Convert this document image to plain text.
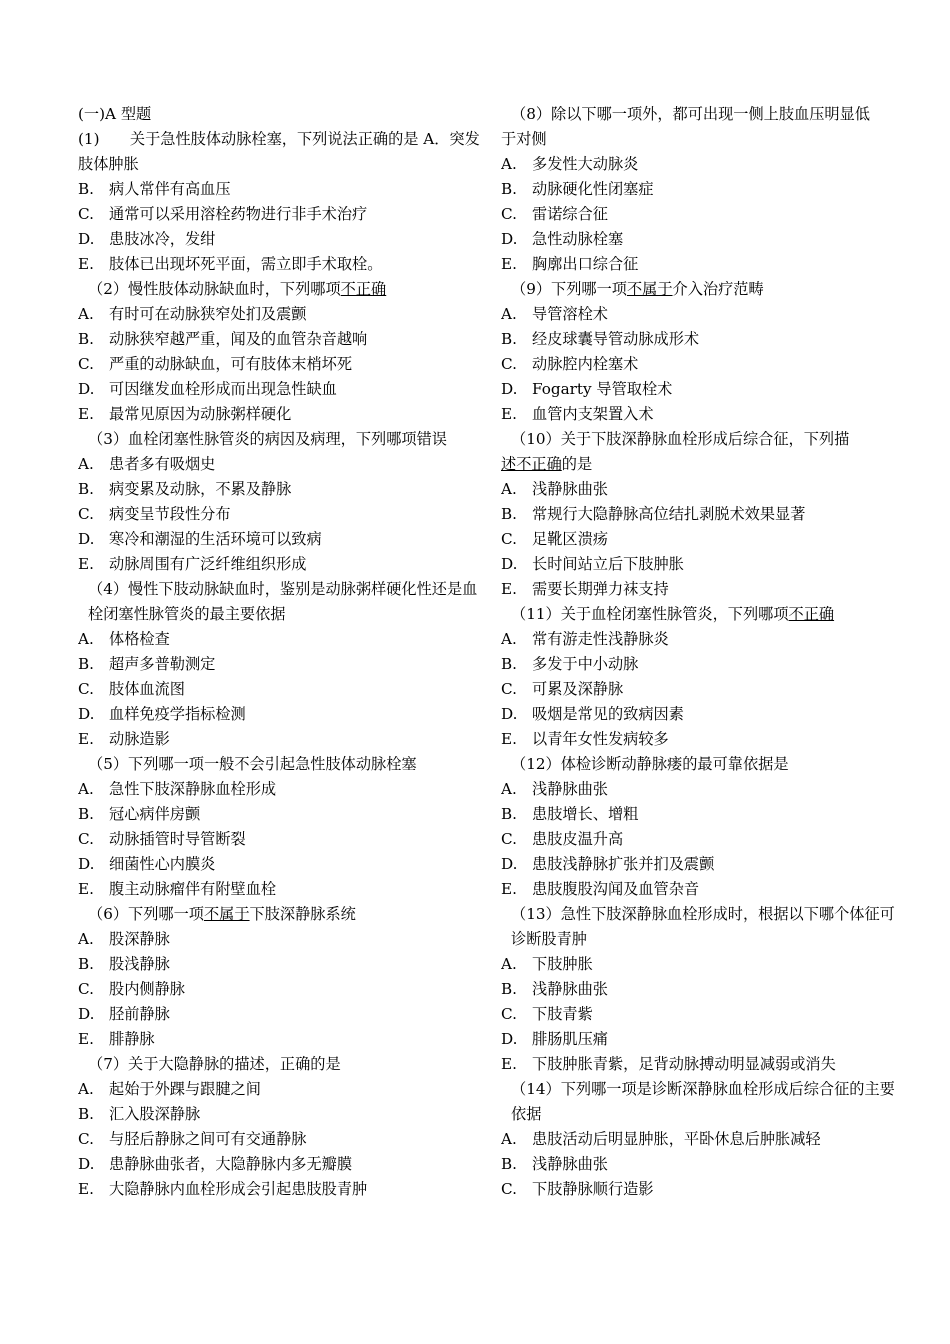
(一)A 型题
(1)　　关于急性肢体动脉栓塞，下列说法正确的是 A．突发肢体肿胀
B. 病人常伴有高血压
C. 通常可以采用溶栓药物进行非手术治疗
D. 患肢冰冷，发绀
E. 肢体已出现坏死平面，需立即手术取栓。
（2）慢性肢体动脉缺血时，下列哪项不正确
A. 有时可在动脉狭窄处扪及震颤
B. 动脉狭窄越严重，闻及的血管杂音越响
C. 严重的动脉缺血，可有肢体末梢坏死
D. 可因继发血栓形成而出现急性缺血
E. 最常见原因为动脉粥样硬化
（3）血栓闭塞性脉管炎的病因及病理，下列哪项错误
A. 患者多有吸烟史
B. 病变累及动脉，不累及静脉
C. 病变呈节段性分布
D. 寒冷和潮湿的生活环境可以致病
E. 动脉周围有广泛纤维组织形成
（4）慢性下肢动脉缺血时，鉴别是动脉粥样硬化性还是血栓闭塞性脉管炎的最主要依据
A. 体格检查
B. 超声多普勒测定
C. 肢体血流图
D. 血样免疫学指标检测
E. 动脉造影
（5）下列哪一项一般不会引起急性肢体动脉栓塞
A. 急性下肢深静脉血栓形成
B. 冠心病伴房颤
C. 动脉插管时导管断裂
D. 细菌性心内膜炎
E. 腹主动脉瘤伴有附壁血栓
（6）下列哪一项不属于下肢深静脉系统
A. 股深静脉
B. 股浅静脉
C. 股内侧静脉
D. 胫前静脉
E. 腓静脉
（7）关于大隐静脉的描述，正确的是
A. 起始于外踝与跟腱之间
B. 汇入股深静脉
C. 与胫后静脉之间可有交通静脉
D. 患静脉曲张者，大隐静脉内多无瓣膜
E. 大隐静脉内血栓形成会引起患肢股青肿
（8）除以下哪一项外，都可出现一侧上肢血压明显低
于对侧
A. 多发性大动脉炎
B. 动脉硬化性闭塞症
C. 雷诺综合征
D. 急性动脉栓塞
E. 胸廓出口综合征
（9）下列哪一项不属于介入治疗范畴
A. 导管溶栓术
B. 经皮球囊导管动脉成形术
C. 动脉腔内栓塞术
D. Fogarty 导管取栓术
E. 血管内支架置入术
（10）关于下肢深静脉血栓形成后综合征，下列描
述不正确的是
A. 浅静脉曲张
B. 常规行大隐静脉高位结扎剥脱术效果显著
C. 足靴区溃疡
D. 长时间站立后下肢肿胀
E. 需要长期弹力袜支持
（11）关于血栓闭塞性脉管炎，下列哪项不正确
A. 常有游走性浅静脉炎
B. 多发于中小动脉
C. 可累及深静脉
D. 吸烟是常见的致病因素
E. 以青年女性发病较多
（12）体检诊断动静脉瘘的最可靠依据是
A. 浅静脉曲张
B. 患肢增长、增粗
C. 患肢皮温升高
D. 患肢浅静脉扩张并扪及震颤
E. 患肢腹股沟闻及血管杂音
（13）急性下肢深静脉血栓形成时，根据以下哪个体征可诊断股青肿
A. 下肢肿胀
B. 浅静脉曲张
C. 下肢青紫
D. 腓肠肌压痛
E. 下肢肿胀青紫，足背动脉搏动明显减弱或消失
（14）下列哪一项是诊断深静脉血栓形成后综合征的主要依据
A. 患肢活动后明显肿胀，平卧休息后肿胀减轻
B. 浅静脉曲张
C. 下肢静脉顺行造影
